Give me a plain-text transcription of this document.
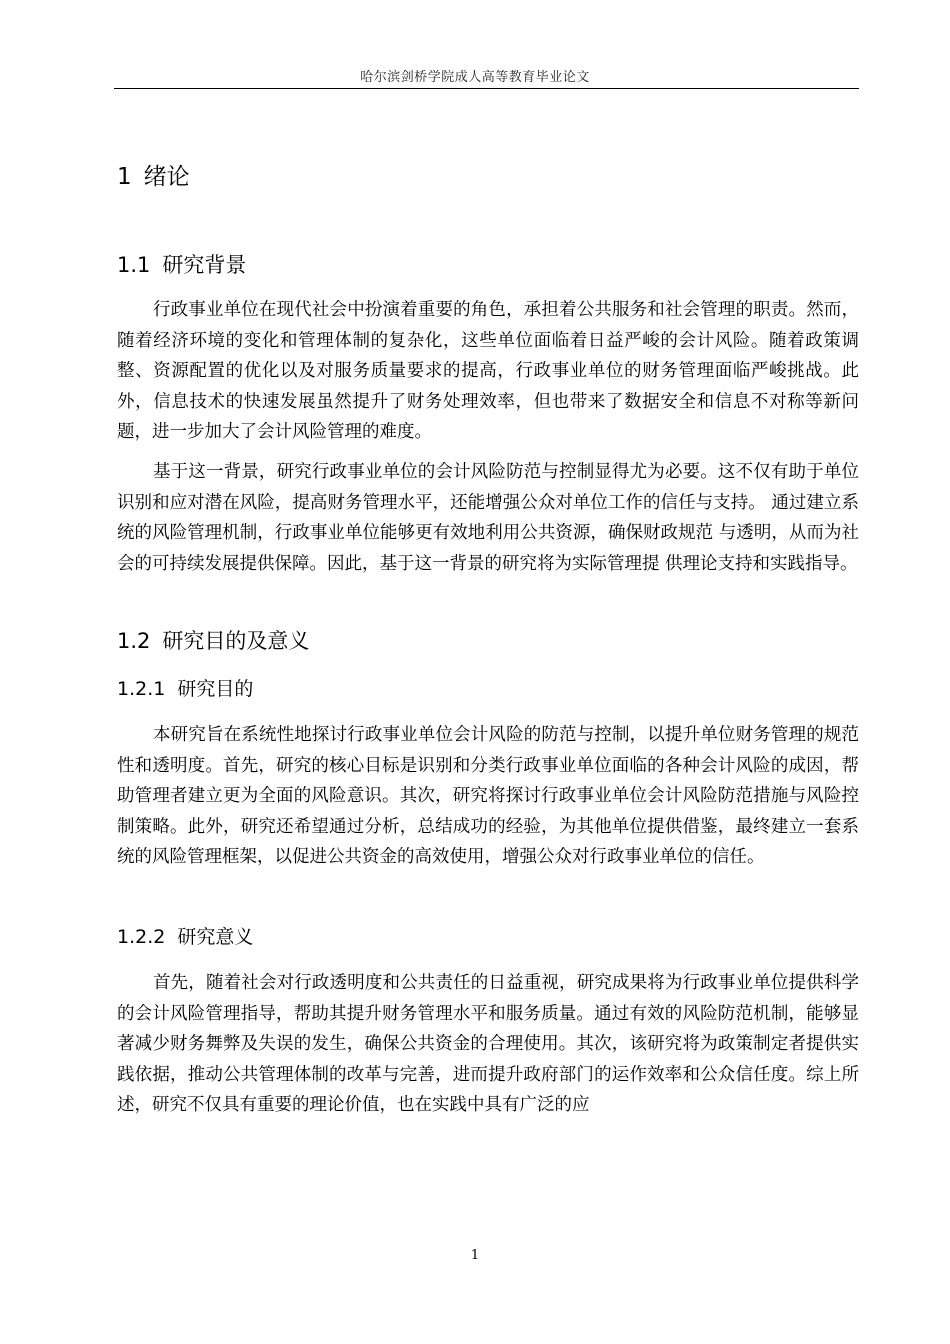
哈尔滨剑桥学院成人高等教育毕业论文
1 绪论
1.1 研究背景

行政事业单位在现代社会中扮演着重要的角色，承担着公共服务和社会管理的职责。然而，随着经济环境的变化和管理体制的复杂化，这些单位面临着日益严峻的会计风险。随着政策调整、资源配置的优化以及对服务质量要求的提高，行政事业单位的财务管理面临严峻挑战。此外，信息技术的快速发展虽然提升了财务处理效率，但也带来了数据安全和信息不对称等新问题，进一步加大了会计风险管理的难度。

基于这一背景，研究行政事业单位的会计风险防范与控制显得尤为必要。这不仅有助于单位识别和应对潜在风险，提高财务管理水平，还能增强公众对单位工作的信任与支持。 通过建立系统的风险管理机制，行政事业单位能够更有效地利用公共资源，确保财政规范 与透明，从而为社会的可持续发展提供保障。因此，基于这一背景的研究将为实际管理提 供理论支持和实践指导。

1.2 研究目的及意义
1.2.1 研究目的

本研究旨在系统性地探讨行政事业单位会计风险的防范与控制，以提升单位财务管理的规范性和透明度。首先，研究的核心目标是识别和分类行政事业单位面临的各种会计风险的成因，帮助管理者建立更为全面的风险意识。其次，研究将探讨行政事业单位会计风险防范措施与风险控制策略。此外，研究还希望通过分析，总结成功的经验，为其他单位提供借鉴，最终建立一套系统的风险管理框架，以促进公共资金的高效使用，增强公众对行政事业单位的信任。

1.2.2 研究意义

首先，随着社会对行政透明度和公共责任的日益重视，研究成果将为行政事业单位提供科学的会计风险管理指导，帮助其提升财务管理水平和服务质量。通过有效的风险防范机制，能够显著减少财务舞弊及失误的发生，确保公共资金的合理使用。其次，该研究将为政策制定者提供实践依据，推动公共管理体制的改革与完善，进而提升政府部门的运作效率和公众信任度。综上所述，研究不仅具有重要的理论价值，也在实践中具有广泛的应

1
